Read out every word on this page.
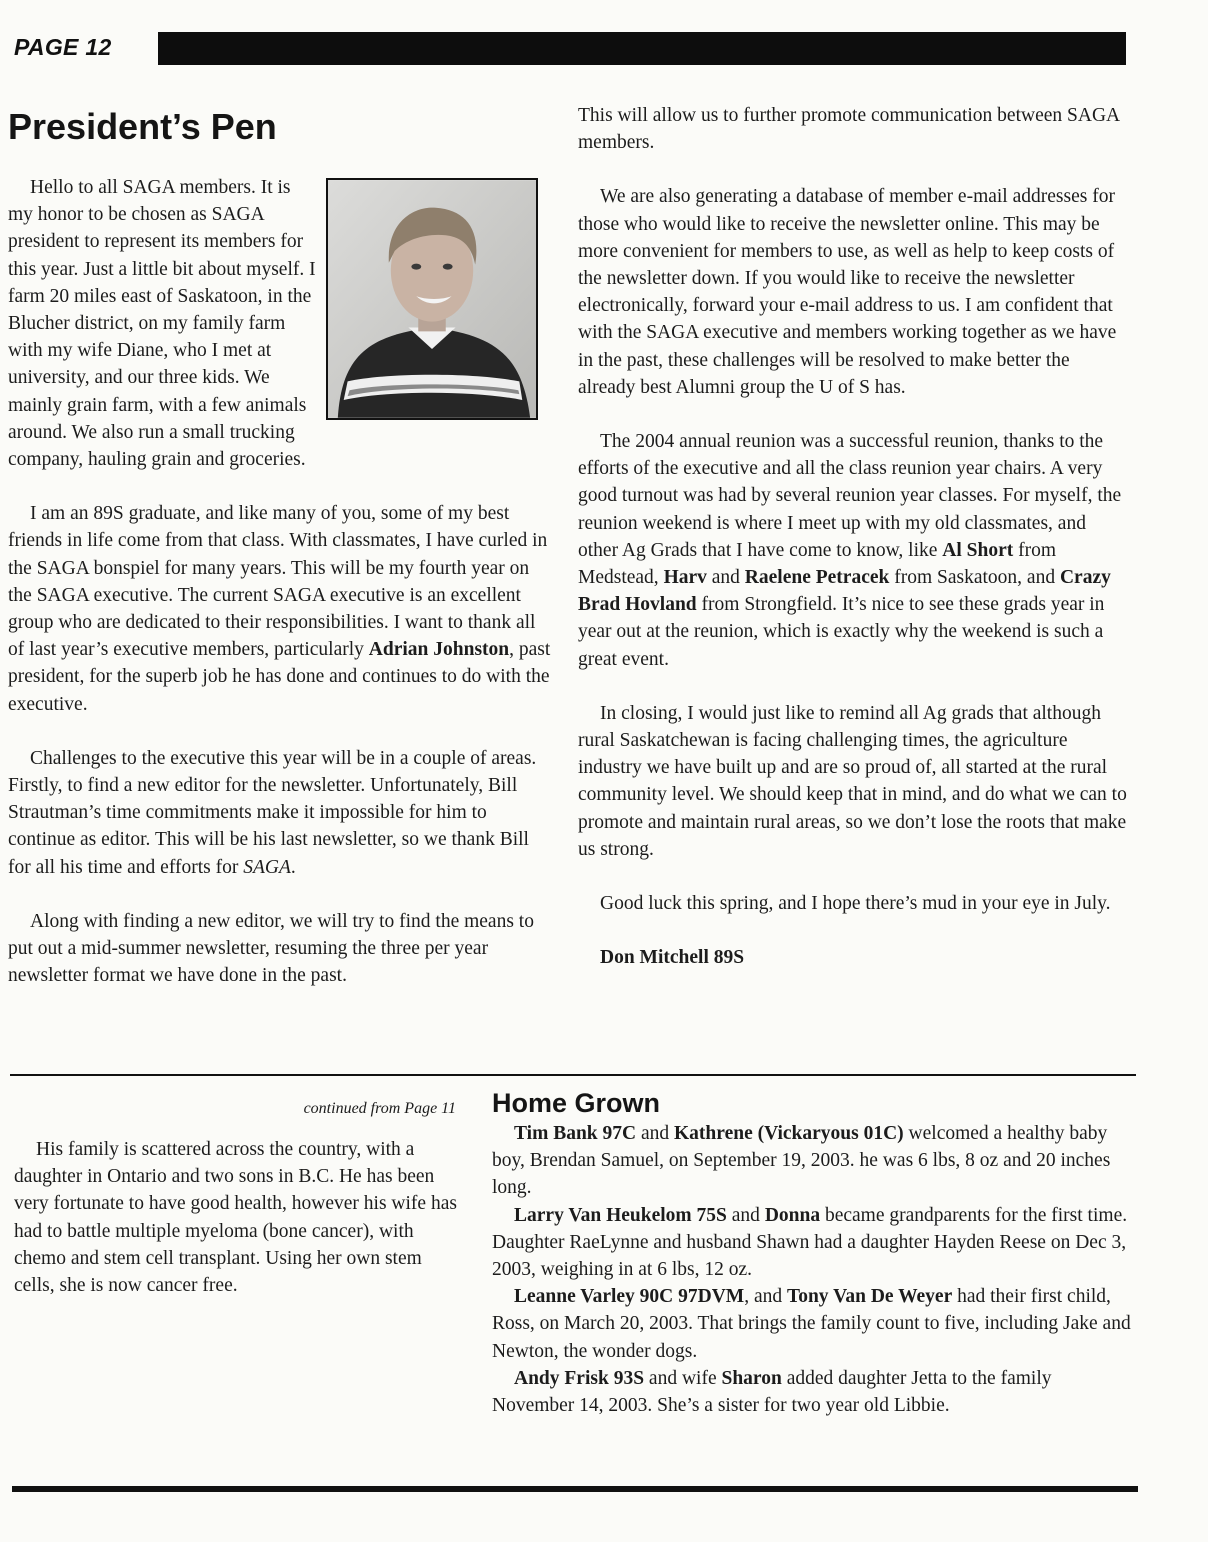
PAGE 12
President’s Pen

Hello to all SAGA members. It is my honor to be chosen as SAGA president to represent its members for this year. Just a little bit about myself. I farm 20 miles east of Saskatoon, in the Blucher district, on my family farm with my wife Diane, who I met at university, and our three kids. We mainly grain farm, with a few animals around. We also run a small trucking company, hauling grain and groceries.

I am an 89S graduate, and like many of you, some of my best friends in life come from that class. With classmates, I have curled in the SAGA bonspiel for many years. This will be my fourth year on the SAGA executive. The current SAGA executive is an excellent group who are dedicated to their responsibilities. I want to thank all of last year’s executive members, particularly Adrian Johnston, past president, for the superb job he has done and continues to do with the executive.

Challenges to the executive this year will be in a couple of areas. Firstly, to find a new editor for the newsletter. Unfortunately, Bill Strautman’s time commitments make it impossible for him to continue as editor. This will be his last newsletter, so we thank Bill for all his time and efforts for SAGA.

Along with finding a new editor, we will try to find the means to put out a mid-summer newsletter, resuming the three per year newsletter format we have done in the past.

This will allow us to further promote communication between SAGA members.

We are also generating a database of member e-mail addresses for those who would like to receive the newsletter online. This may be more convenient for members to use, as well as help to keep costs of the newsletter down. If you would like to receive the newsletter electronically, forward your e-mail address to us. I am confident that with the SAGA executive and members working together as we have in the past, these challenges will be resolved to make better the already best Alumni group the U of S has.

The 2004 annual reunion was a successful reunion, thanks to the efforts of the executive and all the class reunion year chairs. A very good turnout was had by several reunion year classes. For myself, the reunion weekend is where I meet up with my old classmates, and other Ag Grads that I have come to know, like Al Short from Medstead, Harv and Raelene Petracek from Saskatoon, and Crazy Brad Hovland from Strongfield. It’s nice to see these grads year in year out at the reunion, which is exactly why the weekend is such a great event.

In closing, I would just like to remind all Ag grads that although rural Saskatchewan is facing challenging times, the agriculture industry we have built up and are so proud of, all started at the rural community level. We should keep that in mind, and do what we can to promote and maintain rural areas, so we don’t lose the roots that make us strong.

Good luck this spring, and I hope there’s mud in your eye in July.

Don Mitchell 89S

continued from Page 11

His family is scattered across the country, with a daughter in Ontario and two sons in B.C. He has been very fortunate to have good health, however his wife has had to battle multiple myeloma (bone cancer), with chemo and stem cell transplant. Using her own stem cells, she is now cancer free.

Home Grown

Tim Bank 97C and Kathrene (Vickaryous 01C) welcomed a healthy baby boy, Brendan Samuel, on September 19, 2003. he was 6 lbs, 8 oz and 20 inches long.

Larry Van Heukelom 75S and Donna became grandparents for the first time. Daughter RaeLynne and husband Shawn had a daughter Hayden Reese on Dec 3, 2003, weighing in at 6 lbs, 12 oz.

Leanne Varley 90C 97DVM, and Tony Van De Weyer had their first child, Ross, on March 20, 2003. That brings the family count to five, including Jake and Newton, the wonder dogs.

Andy Frisk 93S and wife Sharon added daughter Jetta to the family November 14, 2003. She’s a sister for two year old Libbie.
